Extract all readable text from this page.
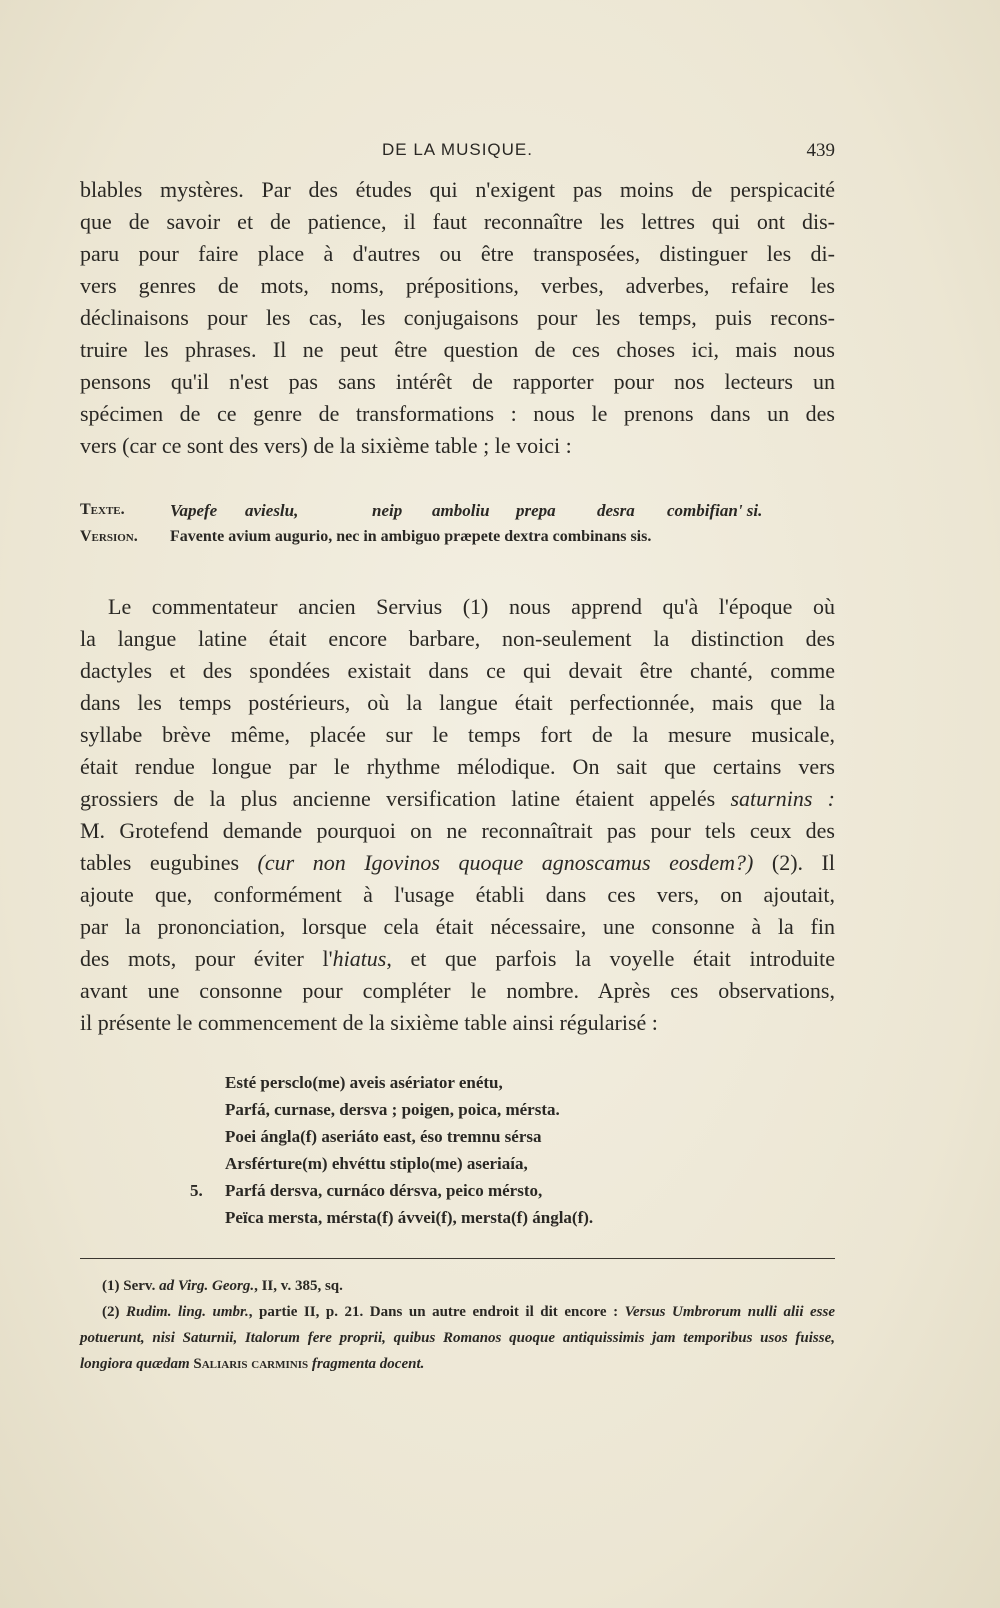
DE LA MUSIQUE.	439

blables mystères. Par des études qui n'exigent pas moins de perspicacité
que de savoir et de patience, il faut reconnaître les lettres qui ont dis-
paru pour faire place à d'autres ou être transposées, distinguer les di-
vers genres de mots, noms, prépositions, verbes, adverbes, refaire les
déclinaisons pour les cas, les conjugaisons pour les temps, puis recons-
truire les phrases. Il ne peut être question de ces choses ici, mais nous
pensons qu'il n'est pas sans intérêt de rapporter pour nos lecteurs un
spécimen de ce genre de transformations : nous le prenons dans un des
vers (car ce sont des vers) de la sixième table ; le voici :

Texte.	Vapefe avieslu,	neip amboliu prepa desra combifian' si.
Version. Favente avium augurio, nec in ambiguo præpete dextra combinans sis.

Le commentateur ancien Servius (1) nous apprend qu'à l'époque où
la langue latine était encore barbare, non-seulement la distinction des
dactyles et des spondées existait dans ce qui devait être chanté, comme
dans les temps postérieurs, où la langue était perfectionnée, mais que la
syllabe brève même, placée sur le temps fort de la mesure musicale,
était rendue longue par le rhythme mélodique. On sait que certains vers
grossiers de la plus ancienne versification latine étaient appelés saturnins :
M. Grotefend demande pourquoi on ne reconnaîtrait pas pour tels ceux des
tables eugubines (cur non Igovinos quoque agnoscamus eosdem?) (2). Il
ajoute que, conformément à l'usage établi dans ces vers, on ajoutait,
par la prononciation, lorsque cela était nécessaire, une consonne à la fin
des mots, pour éviter l'hiatus, et que parfois la voyelle était introduite
avant une consonne pour compléter le nombre. Après ces observations,
il présente le commencement de la sixième table ainsi régularisé :

Esté persclo(me) aveis asériator enétu,
Parfá, curnase, dersva ; poigen, poica, mérsta.
Poei ángla(f) aseriáto east, éso tremnu sérsa
Arsférture(m) ehvéttu stiplo(me) aseriaía,
5. Parfá dersva, curnáco dérsva, peico mérsto,
Peïca mersta, mérsta(f) ávvei(f), mersta(f) ángla(f).

(1) Serv. ad Virg. Georg., II, v. 385, sq.

(2) Rudim. ling. umbr., partie II, p. 21. Dans un autre endroit il dit encore : Versus Umbrorum nulli alii esse potuerunt, nisi Saturnii, Italorum fere proprii, quibus Romanos quoque antiquissimis jam temporibus usos fuisse, longiora quædam Saliaris carminis fragmenta docent.
